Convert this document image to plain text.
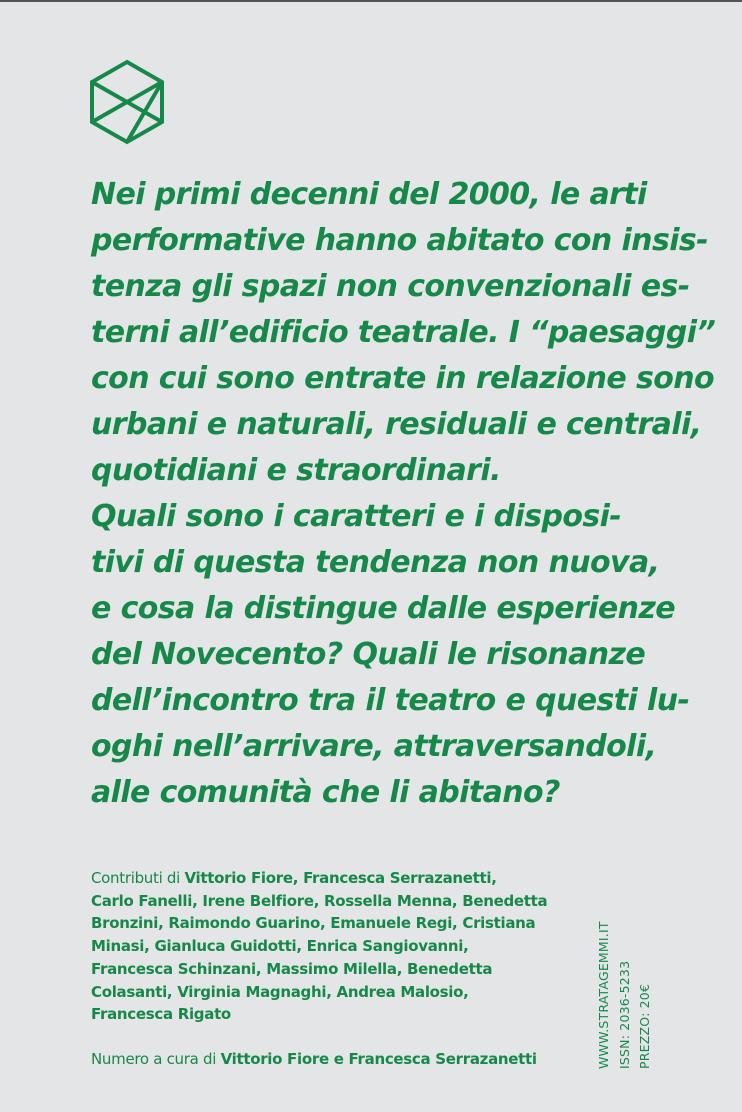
Nei primi decenni del 2000, le arti
performative hanno abitato con insis-
tenza gli spazi non convenzionali es-
terni all’edificio teatrale. I “paesaggi”
con cui sono entrate in relazione sono
urbani e naturali, residuali e centrali,
quotidiani e straordinari.
Quali sono i caratteri e i disposi-
tivi di questa tendenza non nuova,
e cosa la distingue dalle esperienze
del Novecento? Quali le risonanze
dell’incontro tra il teatro e questi lu-
oghi nell’arrivare, attraversandoli,
alle comunità che li abitano?
Contributi di Vittorio Fiore, Francesca Serrazanetti,
Carlo Fanelli, Irene Belfiore, Rossella Menna, Benedetta
Bronzini, Raimondo Guarino, Emanuele Regi, Cristiana
Minasi, Gianluca Guidotti, Enrica Sangiovanni,
Francesca Schinzani, Massimo Milella, Benedetta
Colasanti, Virginia Magnaghi, Andrea Malosio,
Francesca Rigato
Numero a cura di Vittorio Fiore e Francesca Serrazanetti	WWW.STRATAGEMMI.IT ISSN: 2036-5233 PREZZO: 20€
